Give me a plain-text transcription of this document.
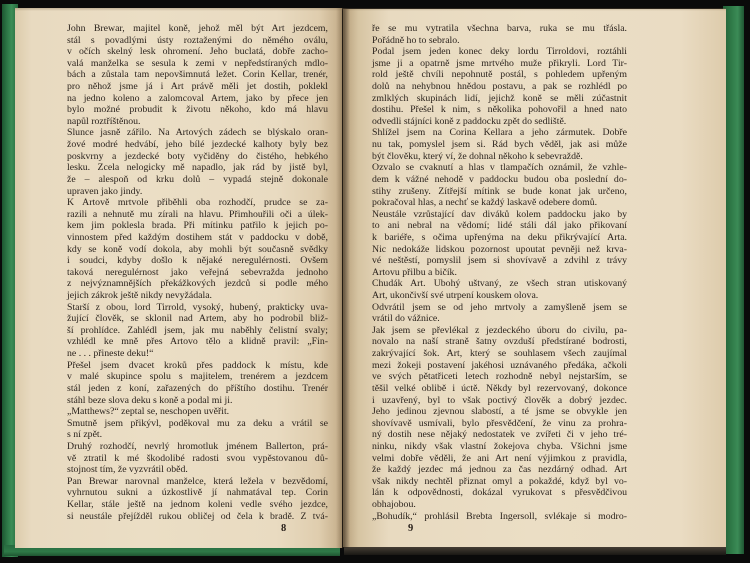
John Brewar, majitel koně, jehož měl být Art jezdcem,
stál s povadlými ústy roztaženými do němého oválu,
v očích skelný lesk ohromení. Jeho buclatá, dobře zacho-
valá manželka se sesula k zemi v nepředstíraných mdlo-
bách a zůstala tam nepovšimnutá ležet. Corin Kellar, trenér,
pro něhož jsme já i Art právě měli jet dostih, poklekl
na jedno koleno a zalomcoval Artem, jako by přece jen
bylo možné probudit k životu někoho, kdo má hlavu
napůl roztříštěnou.
Slunce jasně zářilo. Na Artových zádech se blýskalo oran-
žové modré hedvábí, jeho bílé jezdecké kalhoty byly bez
poskvrny a jezdecké boty vyčiděny do čistého, hebkého
lesku. Zcela nelogicky mě napadlo, jak rád by jistě byl,
že – alespoň od krku dolů – vypadá stejně dokonale
upraven jako jindy.
K Artově mrtvole přiběhli oba rozhodčí, prudce se za-
razili a nehnutě mu zírali na hlavu. Přimhouřili oči a úlek-
kem jim poklesla brada. Při mítinku patřilo k jejich po-
vinnostem před každým dostihem stát v paddocku v době,
kdy se koně vodí dokola, aby mohli být současně svědky
i soudci, kdyby došlo k nějaké neregulérnosti. Ovšem
taková neregulérnost jako veřejná sebevražda jednoho
z nejvýznamnějších překážkových jezdců si podle mého
jejich zákrok ještě nikdy nevyžádala.
Starší z obou, lord Tirrold, vysoký, hubený, prakticky uva-
žující člověk, se sklonil nad Artem, aby ho podrobil bliž-
ší prohlídce. Zahlédl jsem, jak mu naběhly čelistní svaly;
vzhlédl ke mně přes Artovo tělo a klidně pravil: „Fin-
ne . . . přineste deku!“
Přešel jsem dvacet kroků přes paddock k místu, kde
v malé skupince spolu s majitelem, trenérem a jezdcem
stál jeden z koní, zařazených do příštího dostihu. Trenér
stáhl beze slova deku s koně a podal mi ji.
„Matthews?“ zeptal se, neschopen uvěřit.
Smutně jsem přikývl, poděkoval mu za deku a vrátil se
s ní zpět.
Druhý rozhodčí, nevrlý hromotluk jménem Ballerton, prá-
vě ztratil k mé škodolibé radosti svou vypěstovanou dů-
stojnost tím, že vyzvrátil oběd.
Pan Brewar narovnal manželce, která ležela v bezvědomí,
vyhrnutou sukni a úzkostlivě jí nahmatával tep. Corin
Kellar, stále ještě na jednom koleni vedle svého jezdce,
si neustále přejížděl rukou obličej od čela k bradě. Z tvá-
ře se mu vytratila všechna barva, ruka se mu třásla.
Pořádně ho to sebralo.
Podal jsem jeden konec deky lordu Tirroldovi, roztáhli
jsme ji a opatrně jsme mrtvého muže přikryli. Lord Tir-
rold ještě chvíli nepohnutě postál, s pohledem upřeným
dolů na nehybnou hnědou postavu, a pak se rozhlédl po
zmlklých skupinách lidí, jejichž koně se měli zúčastnit
dostihu. Přešel k nim, s několika pohovořil a hned nato
odvedli stájníci koně z paddocku zpět do sedliště.
Shlížel jsem na Corina Kellara a jeho zármutek. Dobře
nu tak, pomyslel jsem si. Rád bych věděl, jak asi může
být člověku, který ví, že dohnal někoho k sebevraždě.
Ozvalo se cvaknutí a hlas v tlampačích oznámil, že vzhle-
dem k vážné nehodě v paddocku budou oba poslední do-
stihy zrušeny. Zítřejší mítink se bude konat jak určeno,
pokračoval hlas, a nechť se každý laskavě odebere domů.
Neustále vzrůstající dav diváků kolem paddocku jako by
to ani nebral na vědomí; lidé stáli dál jako přikovaní
k bariéře, s očima upřenýma na deku přikrývající Arta.
Nic nedokáže lidskou pozornost upoutat pevněji než krva-
vé neštěstí, pomyslil jsem si shovívavě a zdvihl z trávy
Artovu přilbu a bičík.
Chudák Art. Ubohý uštvaný, ze všech stran utiskovaný
Art, ukončivší své utrpení kouskem olova.
Odvrátil jsem se od jeho mrtvoly a zamyšleně jsem se
vrátil do vážnice.
Jak jsem se převlékal z jezdeckého úboru do civilu, pa-
novalo na naší straně šatny ovzduší předstírané bodrosti,
zakrývající šok. Art, který se souhlasem všech zaujímal
mezi žokeji postavení jakéhosi uznávaného předáka, ačkoli
ve svých pětatřiceti letech rozhodně nebyl nejstarším, se
těšil velké oblibě i úctě. Někdy byl rezervovaný, dokonce
i uzavřený, byl to však poctivý člověk a dobrý jezdec.
Jeho jedinou zjevnou slabostí, a té jsme se obvykle jen
shovívavě usmívali, bylo přesvědčení, že vinu za prohra-
ný dostih nese nějaký nedostatek ve zvířeti či v jeho tré-
ninku, nikdy však vlastní žokejova chyba. Všichni jsme
velmi dobře věděli, že ani Art není výjimkou z pravidla,
že každý jezdec má jednou za čas nezdárný odhad. Art
však nikdy nechtěl přiznat omyl a pokaždé, když byl vo-
lán k odpovědnosti, dokázal vyrukovat s přesvědčivou
obhajobou.
„Bohudík,“ prohlásil Brebta Ingersoll, svlékaje si modro-
8	9
